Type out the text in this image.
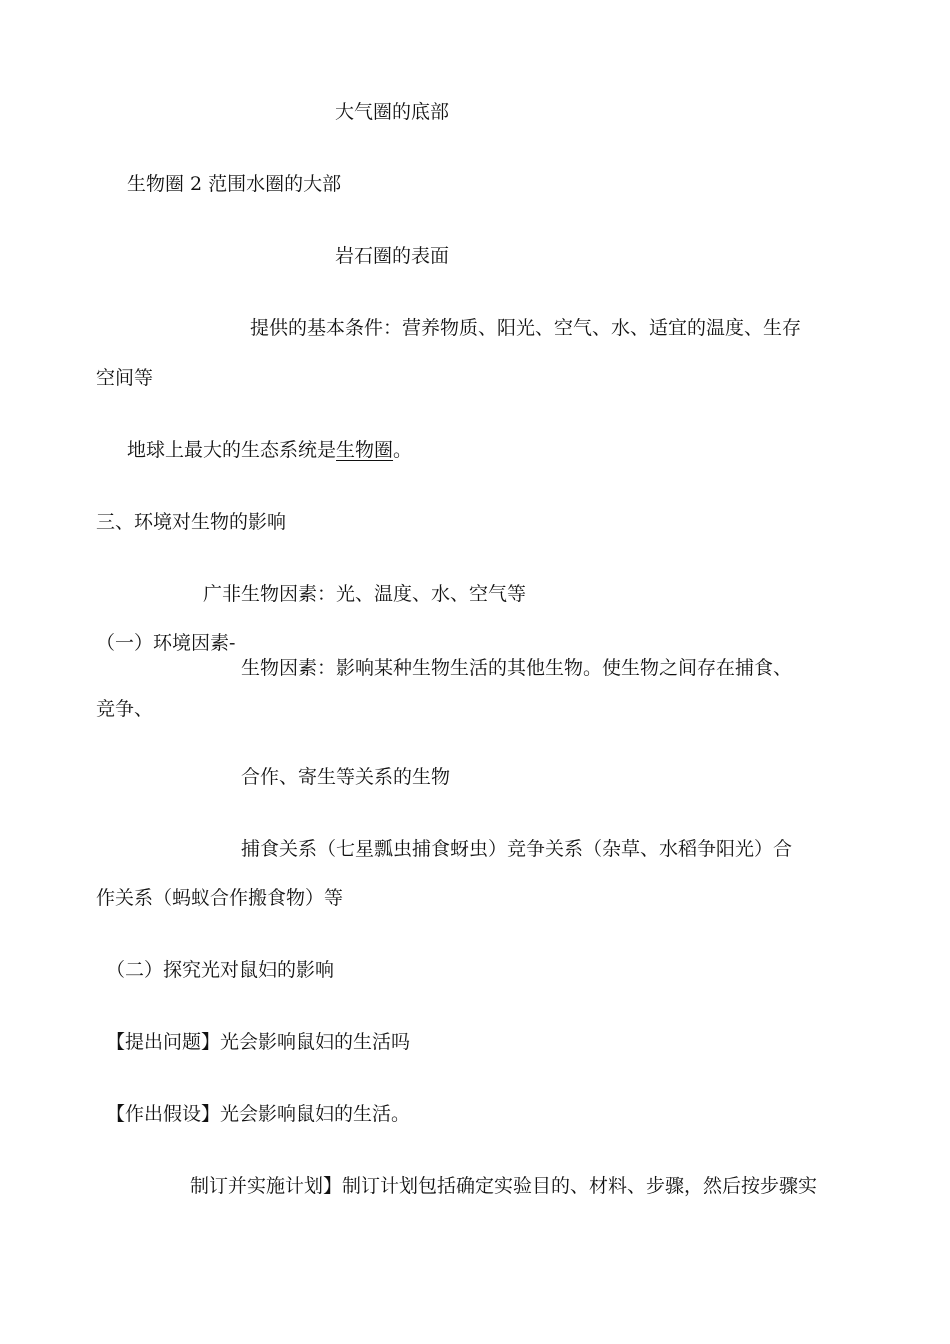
大气圈的底部

生物圈 2 范围水圈的大部

岩石圈的表面

提供的基本条件：营养物质、阳光、空气、水、适宜的温度、生存

空间等

地球上最大的生态系统是生物圈。

三、环境对生物的影响

广非生物因素：光、温度、水、空气等

（一）环境因素-

生物因素：影响某种生物生活的其他生物。使生物之间存在捕食、

竞争、

合作、寄生等关系的生物

捕食关系（七星瓢虫捕食蚜虫）竞争关系（杂草、水稻争阳光）合

作关系（蚂蚁合作搬食物）等

（二）探究光对鼠妇的影响

【提出问题】光会影响鼠妇的生活吗

【作出假设】光会影响鼠妇的生活。

制订并实施计划】制订计划包括确定实验目的、材料、步骤，然后按步骤实
